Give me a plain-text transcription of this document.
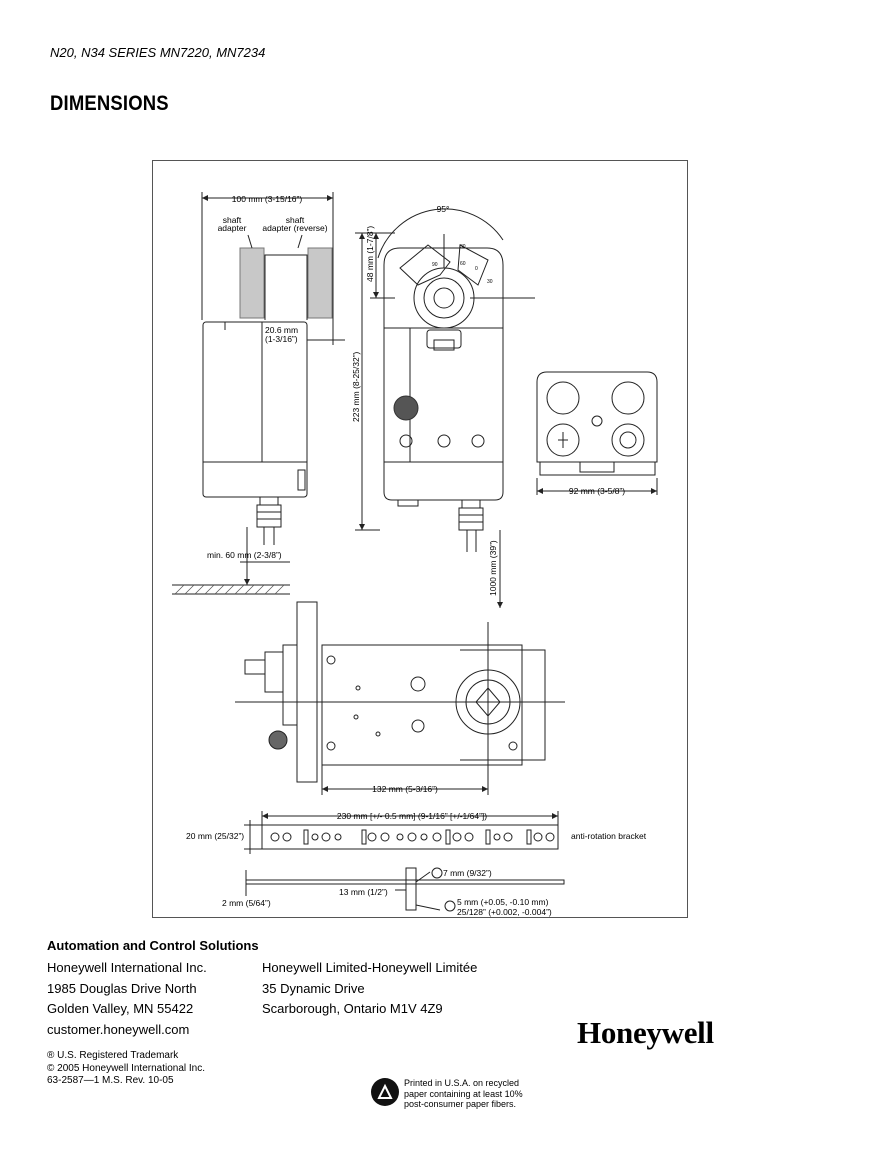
N20, N34 SERIES MN7220, MN7234
DIMENSIONS
100 mm (3-15/16”)
shaft
adapter
shaft
adapter (reverse)
20.6 mm
(1-3/16”)
95°
48 mm (1-7/8”)
223 mm (8-25/32”)
92 mm (3-5/8”)
min. 60 mm (2-3/8”)	1000 mm (39”)
132 mm (5-3/16”)
230 mm [+/- 0.5 mm] (9-1/16” [+/-1/64”])
20 mm (25/32”)	anti-rotation bracket
7 mm (9/32”)
13 mm (1/2”)
2 mm (5/64”)	5 mm (+0.05, -0.10 mm)
25/128” (+0.002, -0.004”)
30
0
30
60
90
Automation and Control Solutions
Honeywell International Inc.
1985 Douglas Drive North
Golden Valley, MN 55422
customer.honeywell.com
Honeywell Limited-Honeywell Limitée
35 Dynamic Drive
Scarborough, Ontario M1V 4Z9
® U.S. Registered Trademark
© 2005 Honeywell International Inc.
63-2587—1 M.S. Rev. 10-05	Printed in U.S.A. on recycled
paper containing at least 10%
post-consumer paper fibers.
Honeywell
